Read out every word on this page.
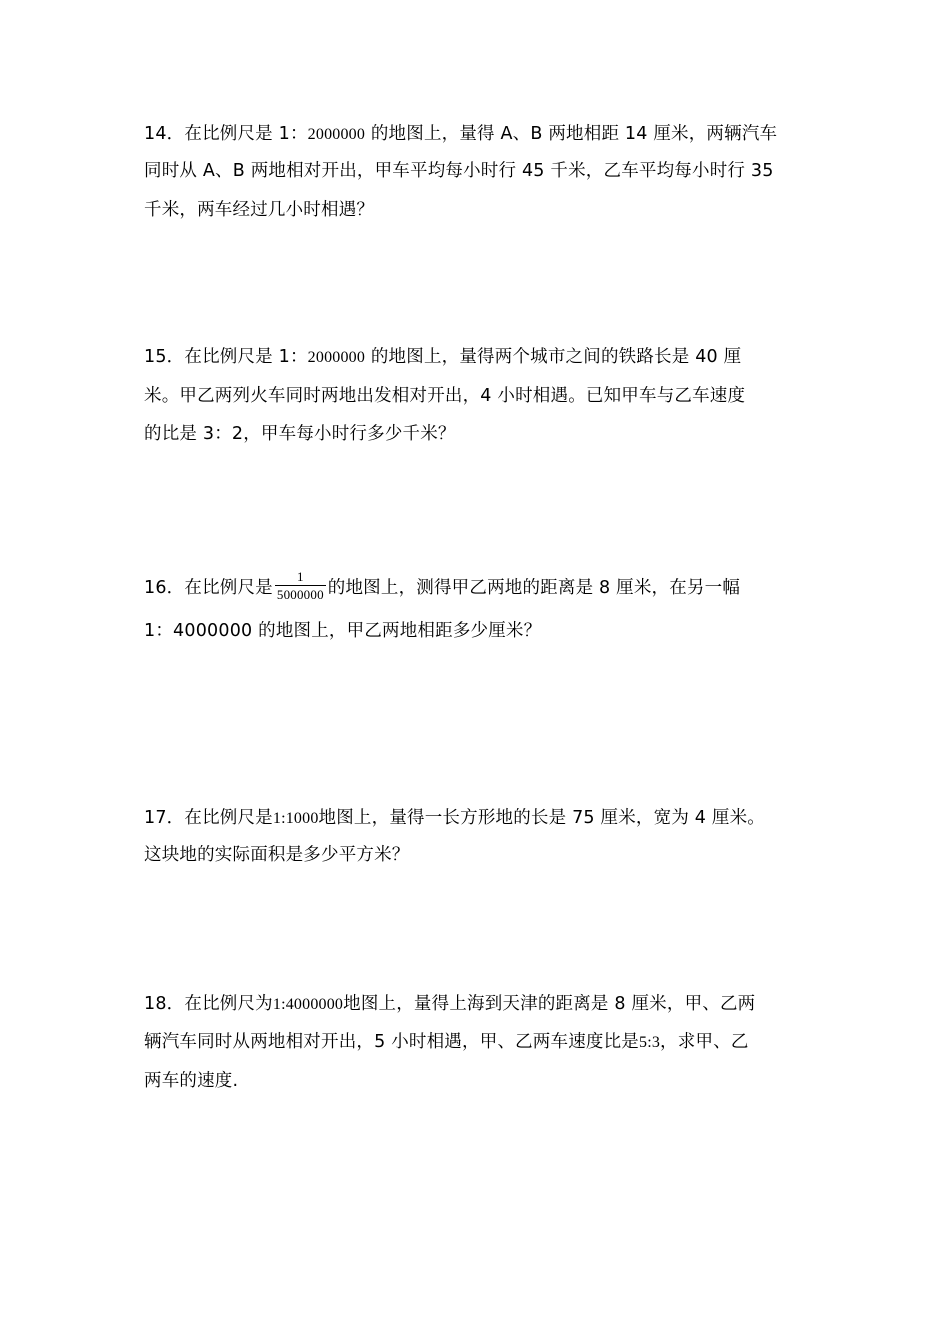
14．在比例尺是 1：2000000 的地图上，量得 A、B 两地相距 14 厘米，两辆汽车
同时从 A、B 两地相对开出，甲车平均每小时行 45 千米，乙车平均每小时行 35
千米，两车经过几小时相遇？
15．在比例尺是 1：2000000 的地图上，量得两个城市之间的铁路长是 40 厘
米。甲乙两列火车同时两地出发相对开出，4 小时相遇。已知甲车与乙车速度
的比是 3：2，甲车每小时行多少千米？
16．在比例尺是 $\frac{1}{5000000}$ 的地图上，测得甲乙两地的距离是 8 厘米，在另一幅
1：4000000 的地图上，甲乙两地相距多少厘米？
17．在比例尺是1:1000地图上，量得一长方形地的长是 75 厘米，宽为 4 厘米。
这块地的实际面积是多少平方米？
18．在比例尺为1:4000000地图上，量得上海到天津的距离是 8 厘米，甲、乙两
辆汽车同时从两地相对开出，5 小时相遇，甲、乙两车速度比是5:3，求甲、乙
两车的速度.
